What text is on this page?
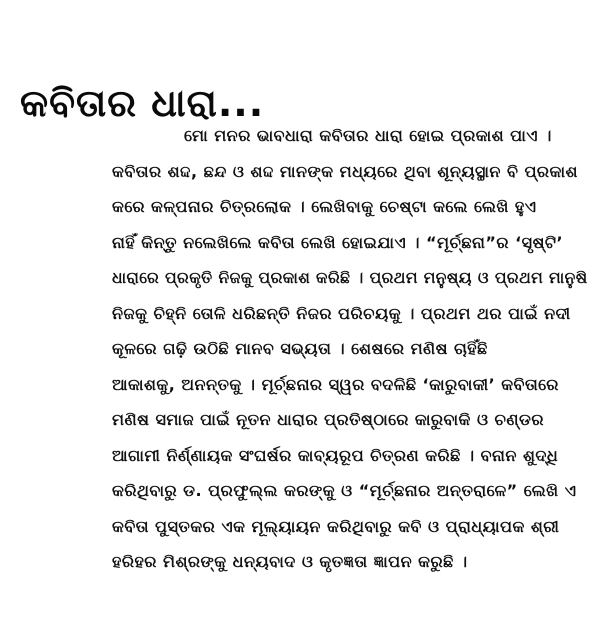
କବିତାର ଧାରା...
ମୋ ମନର ଭାବଧାରା କବିତାର ଧାରା ହୋଇ ପ୍ରକାଶ ପାଏ ।
କବିତାର ଶଦ୍ଦ, ଛନ୍ଦ ଓ ଶଦ୍ଦ ମାନଙ୍କ ମଧ୍ୟରେ ଥିବା ଶୂନ୍ୟସ୍ଥାନ ବି ପ୍ରକାଶ
କରେ କଳ୍ପନାର ଚିତ୍ରଲୋକ । ଲେଖିବାକୁ ଚେଷ୍ଟା କଲେ ଲେଖି ହୁଏ
ନାହିଁ କିନ୍ତୁ ନଲେଖିଲେ କବିତା ଲେଖି ହୋଇଯାଏ । “ମୂର୍ଚ୍ଛନା”ର ‘ସୃଷ୍ଟି’
ଧାରାରେ ପ୍ରକୃତି ନିଜକୁ ପ୍ରକାଶ କରିଛି । ପ୍ରଥମ ମନୁଷ୍ୟ ଓ ପ୍ରଥମ ମାନୁଷି
ନିଜକୁ ଚିହ୍ନି ତୋଳି ଧରିଛନ୍ତି ନିଜର ପରିଚୟକୁ । ପ୍ରଥମ ଥର ପାଇଁ ନଦୀ
କୂଳରେ ଗଢ଼ି ଉଠିଛି ମାନବ ସଭ୍ୟତା । ଶେଷରେ ମଣିଷ ଚାହିଁଛି
ଆକାଶକୁ, ଅନନ୍ତକୁ । ମୂର୍ଚ୍ଛନାର ସ୍ୱର ବଦଳିଛି ‘କାରୁବାକୀ’ କବିତାରେ
ମଣିଷ ସମାଜ ପାଇଁ ନୂତନ ଧାରାର ପ୍ରତିଷ୍ଠାରେ କାରୁବାକି ଓ ଚଣ୍ଡର
ଆଗାମୀ ନିର୍ଣ୍ଣାୟକ ସଂଘର୍ଷର କାବ୍ୟରୂପ ଚିତ୍ରଣ କରିଛି । ବନାନ ଶୁଦ୍ଧି
କରିଥିବାରୁ ଡ. ପ୍ରଫୁଲ୍ଲ କରଙ୍କୁ ଓ “ମୂର୍ଚ୍ଛନାର ଅନ୍ତରାଳେ” ଲେଖି ଏ
କବିତା ପୁସ୍ତକର ଏକ ମୂଲ୍ୟାୟନ କରିଥିବାରୁ କବି ଓ ପ୍ରାଧ୍ୟାପକ ଶ୍ରୀ
ହରିହର ମିଶ୍ରଙ୍କୁ ଧନ୍ୟବାଦ ଓ କୃତଜ୍ଞତା ଜ୍ଞାପନ କରୁଛି ।
